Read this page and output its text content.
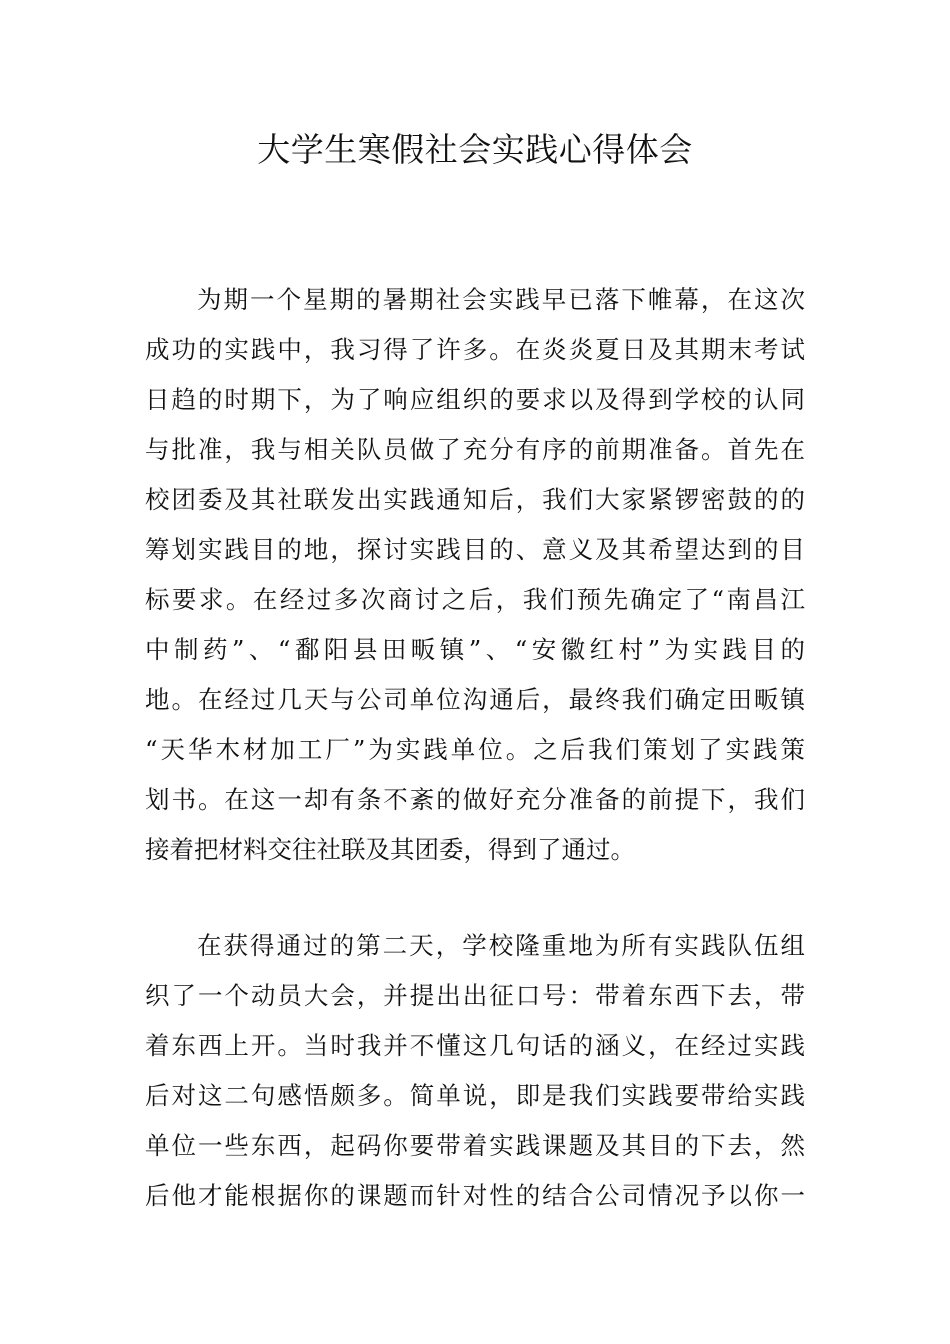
大学生寒假社会实践心得体会
为期一个星期的暑期社会实践早已落下帷幕，在这次
成功的实践中，我习得了许多。在炎炎夏日及其期末考试
日趋的时期下，为了响应组织的要求以及得到学校的认同
与批准，我与相关队员做了充分有序的前期准备。首先在
校团委及其社联发出实践通知后，我们大家紧锣密鼓的的
筹划实践目的地，探讨实践目的、意义及其希望达到的目
标要求。在经过多次商讨之后，我们预先确定了“南昌江
中制药”、“鄱阳县田畈镇”、“安徽红村”为实践目的
地。在经过几天与公司单位沟通后，最终我们确定田畈镇
“天华木材加工厂”为实践单位。之后我们策划了实践策
划书。在这一却有条不紊的做好充分准备的前提下，我们
接着把材料交往社联及其团委，得到了通过。
在获得通过的第二天，学校隆重地为所有实践队伍组
织了一个动员大会，并提出出征口号：带着东西下去，带
着东西上开。当时我并不懂这几句话的涵义，在经过实践
后对这二句感悟颇多。简单说，即是我们实践要带给实践
单位一些东西，起码你要带着实践课题及其目的下去，然
后他才能根据你的课题而针对性的结合公司情况予以你一
